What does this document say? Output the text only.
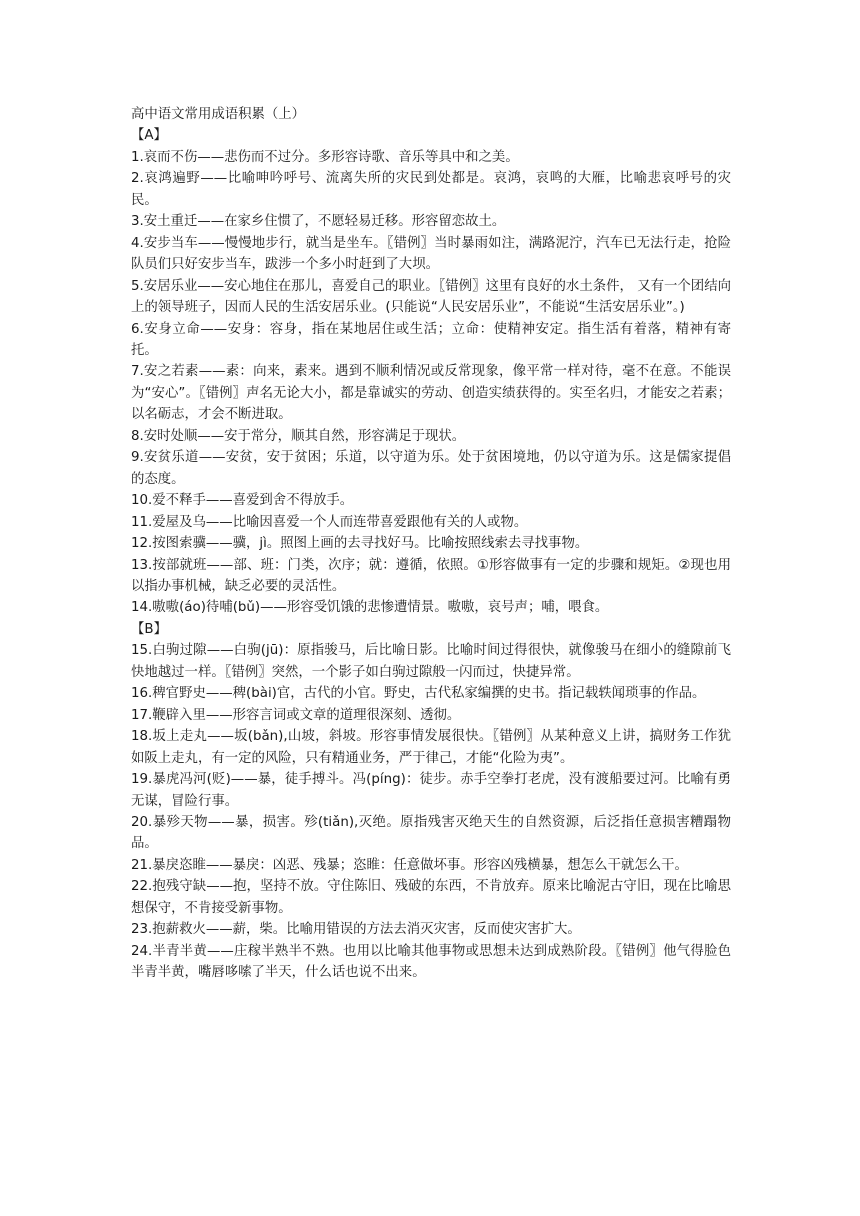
高中语文常用成语积累（上）

【A】

1.哀而不伤——悲伤而不过分。多形容诗歌、音乐等具中和之美。

2.哀鸿遍野——比喻呻吟呼号、流离失所的灾民到处都是。哀鸿，哀鸣的大雁，比喻悲哀呼号的灾民。

3.安土重迁——在家乡住惯了，不愿轻易迁移。形容留恋故土。

4.安步当车——慢慢地步行，就当是坐车。〖错例〗当时暴雨如注，满路泥泞，汽车已无法行走，抢险队员们只好安步当车，跋涉一个多小时赶到了大坝。

5.安居乐业——安心地住在那儿，喜爱自己的职业。〖错例〗这里有良好的水土条件， 又有一个团结向上的领导班子，因而人民的生活安居乐业。(只能说“人民安居乐业”，不能说“生活安居乐业”。)

6.安身立命——安身：容身，指在某地居住或生活；立命：使精神安定。指生活有着落，精神有寄托。

7.安之若素——素：向来，素来。遇到不顺利情况或反常现象，像平常一样对待，毫不在意。不能误为“安心”。〖错例〗声名无论大小，都是靠诚实的劳动、创造实绩获得的。实至名归，才能安之若素；以名砺志，才会不断进取。

8.安时处顺——安于常分，顺其自然，形容满足于现状。

9.安贫乐道——安贫，安于贫困；乐道，以守道为乐。处于贫困境地，仍以守道为乐。这是儒家提倡的态度。

10.爱不释手——喜爱到舍不得放手。

11.爱屋及乌——比喻因喜爱一个人而连带喜爱跟他有关的人或物。

12.按图索骥——骥，jì。照图上画的去寻找好马。比喻按照线索去寻找事物。

13.按部就班——部、班：门类，次序；就：遵循，依照。①形容做事有一定的步骤和规矩。②现也用以指办事机械，缺乏必要的灵活性。

14.嗷嗷(áo)待哺(bǔ)——形容受饥饿的悲惨遭情景。嗷嗷，哀号声；哺，喂食。

【B】

15.白驹过隙——白驹(jū)：原指骏马，后比喻日影。比喻时间过得很快，就像骏马在细小的缝隙前飞快地越过一样。〖错例〗突然，一个影子如白驹过隙般一闪而过，快捷异常。

16.稗官野史——稗(bài)官，古代的小官。野史，古代私家编撰的史书。指记载轶闻琐事的作品。

17.鞭辟入里——形容言词或文章的道理很深刻、透彻。

18.坂上走丸——坂(bǎn),山坡，斜坡。形容事情发展很快。〖错例〗从某种意义上讲，搞财务工作犹如阪上走丸，有一定的风险，只有精通业务，严于律己，才能“化险为夷”。

19.暴虎冯河(贬)——暴，徒手搏斗。冯(píng)：徒步。赤手空拳打老虎，没有渡船要过河。比喻有勇无谋，冒险行事。

20.暴殄天物——暴，损害。殄(tiǎn),灭绝。原指残害灭绝天生的自然资源，后泛指任意损害糟蹋物品。

21.暴戾恣睢——暴戾：凶恶、残暴；恣睢：任意做坏事。形容凶残横暴，想怎么干就怎么干。

22.抱残守缺——抱，坚持不放。守住陈旧、残破的东西，不肯放弃。原来比喻泥古守旧，现在比喻思想保守，不肯接受新事物。

23.抱薪救火——薪，柴。比喻用错误的方法去消灭灾害，反而使灾害扩大。

24.半青半黄——庄稼半熟半不熟。也用以比喻其他事物或思想未达到成熟阶段。〖错例〗他气得脸色半青半黄，嘴唇哆嗦了半天，什么话也说不出来。
